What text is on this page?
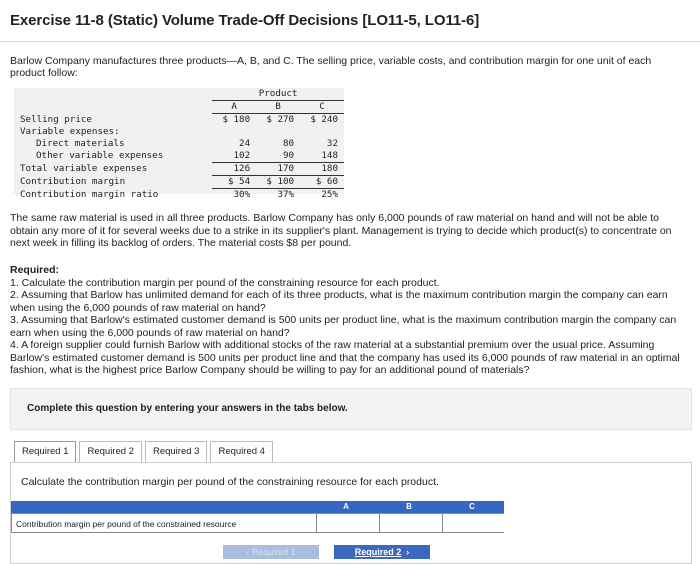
Exercise 11-8 (Static) Volume Trade-Off Decisions [LO11-5, LO11-6]
Barlow Company manufactures three products—A, B, and C. The selling price, variable costs, and contribution margin for one unit of each product follow:
	Product		
	A	B	C
Selling price	$ 180	$ 270	$ 240
Variable expenses:			
Direct materials	24	80	32
Other variable expenses	102	90	148
Total variable expenses	126	170	180
Contribution margin	$ 54	$ 100	$ 60
Contribution margin ratio	30%	37%	25%
The same raw material is used in all three products. Barlow Company has only 6,000 pounds of raw material on hand and will not be able to obtain any more of it for several weeks due to a strike in its supplier's plant. Management is trying to decide which product(s) to concentrate on next week in filling its backlog of orders. The material costs $8 per pound.
Required:
1. Calculate the contribution margin per pound of the constraining resource for each product.
2. Assuming that Barlow has unlimited demand for each of its three products, what is the maximum contribution margin the company can earn when using the 6,000 pounds of raw material on hand?
3. Assuming that Barlow's estimated customer demand is 500 units per product line, what is the maximum contribution margin the company can earn when using the 6,000 pounds of raw material on hand?
4. A foreign supplier could furnish Barlow with additional stocks of the raw material at a substantial premium over the usual price. Assuming Barlow's estimated customer demand is 500 units per product line and that the company has used its 6,000 pounds of raw material in an optimal fashion, what is the highest price Barlow Company should be willing to pay for an additional pound of materials?
Complete this question by entering your answers in the tabs below.
Required 1	Required 2	Required 3	Required 4
Calculate the contribution margin per pound of the constraining resource for each product.
A	B	C
Contribution margin per pound of the constrained resource
‹ Required 1	Required 2  ›
